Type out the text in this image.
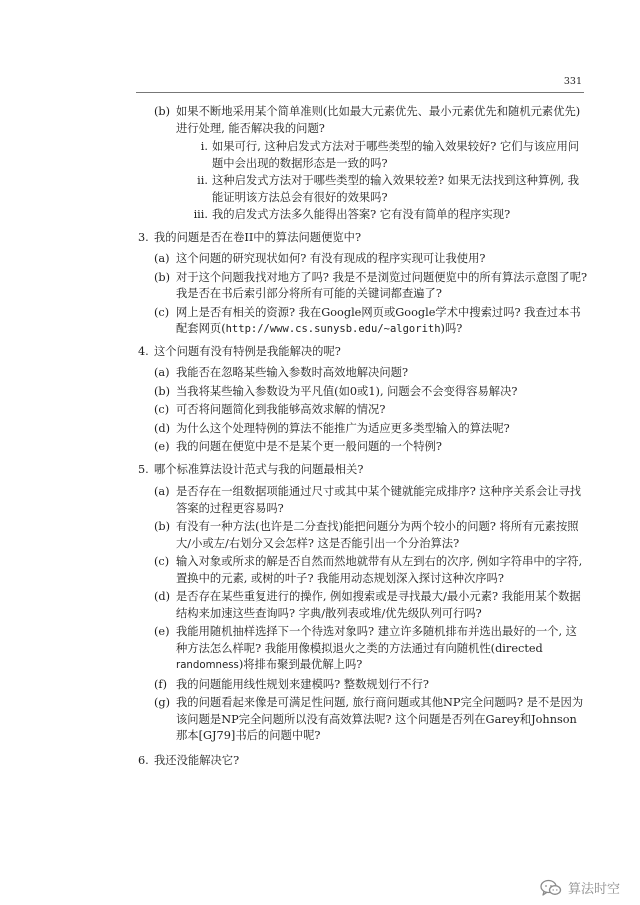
331
(b) 如果不断地采用某个简单准则(比如最大元素优先、最小元素优先和随机元素优先)进行处理, 能否解决我的问题?
i. 如果可行, 这种启发式方法对于哪些类型的输入效果较好? 它们与该应用问题中会出现的数据形态是一致的吗?
ii. 这种启发式方法对于哪些类型的输入效果较差? 如果无法找到这种算例, 我能证明该方法总会有很好的效果吗?
iii. 我的启发式方法多久能得出答案? 它有没有简单的程序实现?
3. 我的问题是否在卷II中的算法问题便览中?
(a) 这个问题的研究现状如何? 有没有现成的程序实现可让我使用?
(b) 对于这个问题我找对地方了吗? 我是不是浏览过问题便览中的所有算法示意图了呢? 我是否在书后索引部分将所有可能的关键词都查遍了?
(c) 网上是否有相关的资源? 我在Google网页或Google学术中搜索过吗? 我查过本书配套网页(http://www.cs.sunysb.edu/~algorith)吗?
4. 这个问题有没有特例是我能解决的呢?
(a) 我能否在忽略某些输入参数时高效地解决问题?
(b) 当我将某些输入参数设为平凡值(如0或1), 问题会不会变得容易解决?
(c) 可否将问题简化到我能够高效求解的情况?
(d) 为什么这个处理特例的算法不能推广为适应更多类型输入的算法呢?
(e) 我的问题在便览中是不是某个更一般问题的一个特例?
5. 哪个标准算法设计范式与我的问题最相关?
(a) 是否存在一组数据项能通过尺寸或其中某个键就能完成排序? 这种序关系会让寻找答案的过程更容易吗?
(b) 有没有一种方法(也许是二分查找)能把问题分为两个较小的问题? 将所有元素按照大/小或左/右划分又会怎样? 这是否能引出一个分治算法?
(c) 输入对象或所求的解是否自然而然地就带有从左到右的次序, 例如字符串中的字符, 置换中的元素, 或树的叶子? 我能用动态规划深入探讨这种次序吗?
(d) 是否存在某些重复进行的操作, 例如搜索或是寻找最大/最小元素? 我能用某个数据结构来加速这些查询吗? 字典/散列表或堆/优先级队列可行吗?
(e) 我能用随机抽样选择下一个待选对象吗? 建立许多随机排布并选出最好的一个, 这种方法怎么样呢? 我能用像模拟退火之类的方法通过有向随机性(directed randomness)将排布聚到最优解上吗?
(f) 我的问题能用线性规划来建模吗? 整数规划行不行?
(g) 我的问题看起来像是可满足性问题, 旅行商问题或其他NP完全问题吗? 是不是因为该问题是NP完全问题所以没有高效算法呢? 这个问题是否列在Garey和Johnson那本[GJ79]书后的问题中呢?
6. 我还没能解决它?
算法时空
